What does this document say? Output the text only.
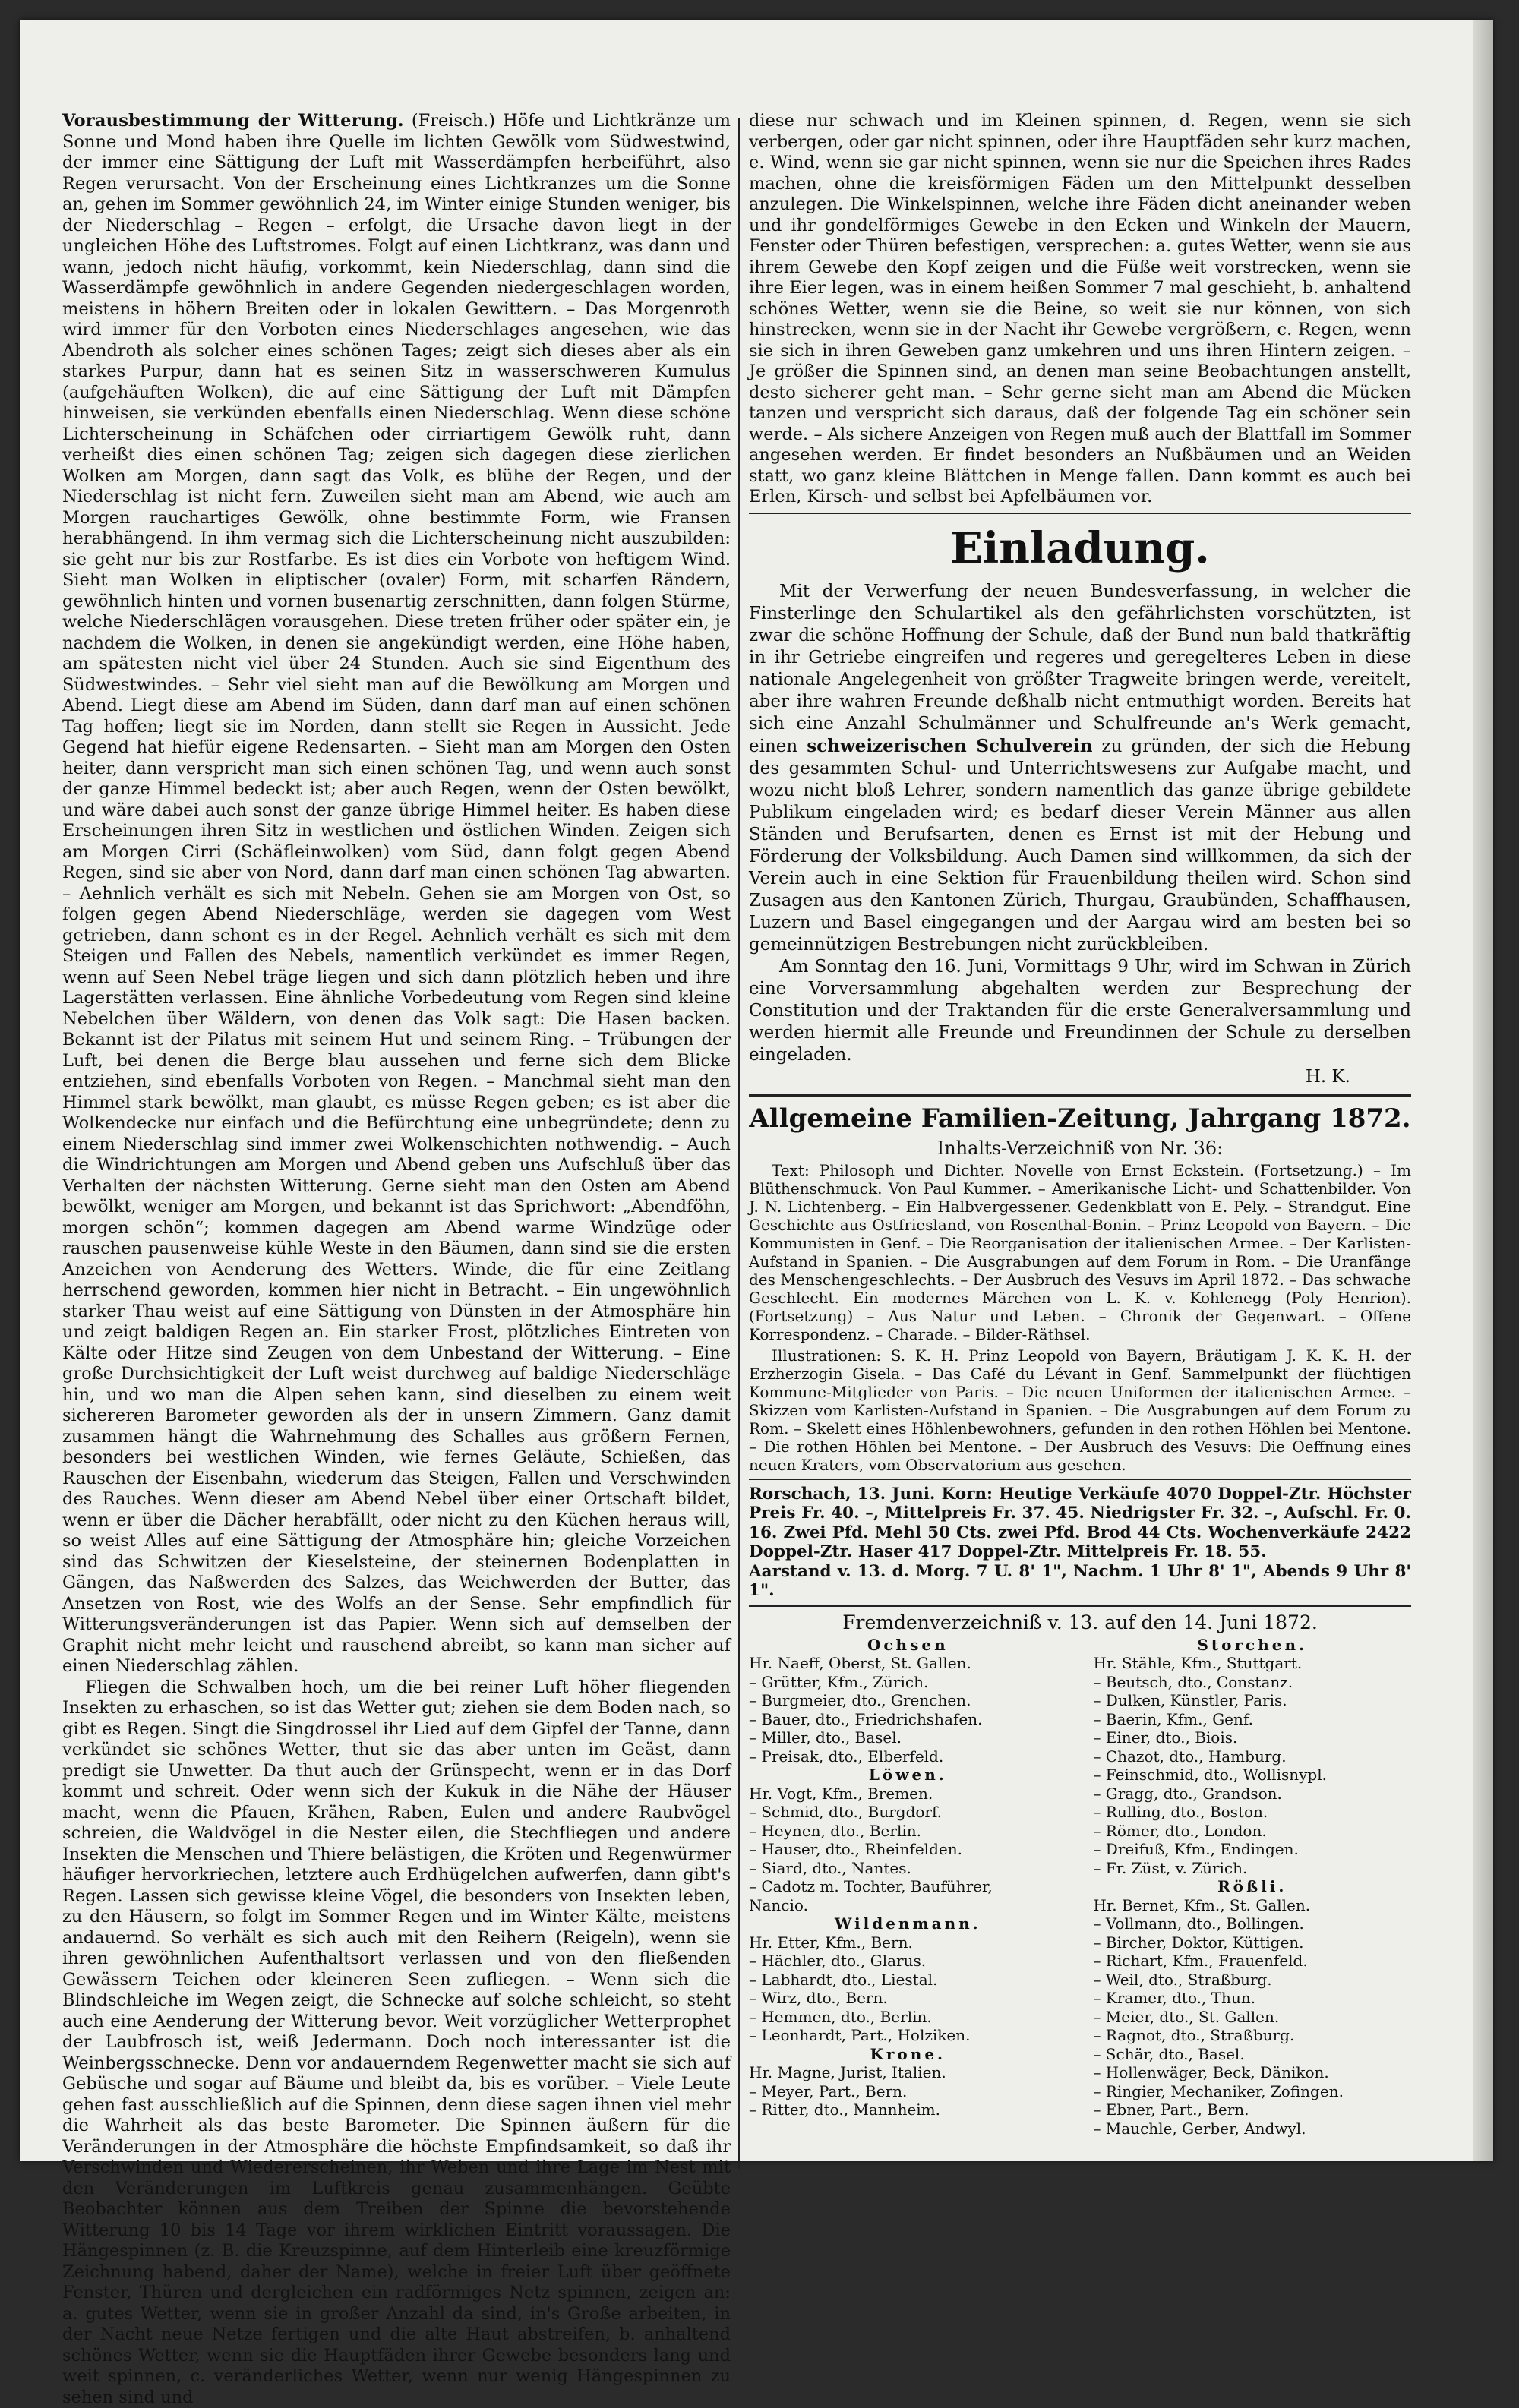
Vorausbestimmung der Witterung. (Freisch.) Höfe und Lichtkränze um Sonne und Mond haben ihre Quelle im lichten Gewölk vom Südwestwind, der immer eine Sättigung der Luft mit Wasserdämpfen herbeiführt, also Regen verursacht. Von der Erscheinung eines Lichtkranzes um die Sonne an, gehen im Sommer gewöhnlich 24, im Winter einige Stunden weniger, bis der Niederschlag – Regen – erfolgt, die Ursache davon liegt in der ungleichen Höhe des Luftstromes. Folgt auf einen Lichtkranz, was dann und wann, jedoch nicht häufig, vorkommt, kein Niederschlag, dann sind die Wasserdämpfe gewöhnlich in andere Gegenden niedergeschlagen worden, meistens in höhern Breiten oder in lokalen Gewittern. – Das Morgenroth wird immer für den Vorboten eines Niederschlages angesehen, wie das Abendroth als solcher eines schönen Tages; zeigt sich dieses aber als ein starkes Purpur, dann hat es seinen Sitz in wasserschweren Kumulus (aufgehäuften Wolken), die auf eine Sättigung der Luft mit Dämpfen hinweisen, sie verkünden ebenfalls einen Niederschlag. Wenn diese schöne Lichterscheinung in Schäfchen oder cirriartigem Gewölk ruht, dann verheißt dies einen schönen Tag; zeigen sich dagegen diese zierlichen Wolken am Morgen, dann sagt das Volk, es blühe der Regen, und der Niederschlag ist nicht fern. Zuweilen sieht man am Abend, wie auch am Morgen rauchartiges Gewölk, ohne bestimmte Form, wie Fransen herabhängend. In ihm vermag sich die Lichterscheinung nicht auszubilden: sie geht nur bis zur Rostfarbe. Es ist dies ein Vorbote von heftigem Wind. Sieht man Wolken in eliptischer (ovaler) Form, mit scharfen Rändern, gewöhnlich hinten und vornen busenartig zerschnitten, dann folgen Stürme, welche Niederschlägen vorausgehen. Diese treten früher oder später ein, je nachdem die Wolken, in denen sie angekündigt werden, eine Höhe haben, am spätesten nicht viel über 24 Stunden. Auch sie sind Eigenthum des Südwestwindes. – Sehr viel sieht man auf die Bewölkung am Morgen und Abend. Liegt diese am Abend im Süden, dann darf man auf einen schönen Tag hoffen; liegt sie im Norden, dann stellt sie Regen in Aussicht. Jede Gegend hat hiefür eigene Redensarten. – Sieht man am Morgen den Osten heiter, dann verspricht man sich einen schönen Tag, und wenn auch sonst der ganze Himmel bedeckt ist; aber auch Regen, wenn der Osten bewölkt, und wäre dabei auch sonst der ganze übrige Himmel heiter. Es haben diese Erscheinungen ihren Sitz in westlichen und östlichen Winden. Zeigen sich am Morgen Cirri (Schäfleinwolken) vom Süd, dann folgt gegen Abend Regen, sind sie aber von Nord, dann darf man einen schönen Tag abwarten. – Aehnlich verhält es sich mit Nebeln. Gehen sie am Morgen von Ost, so folgen gegen Abend Niederschläge, werden sie dagegen vom West getrieben, dann schont es in der Regel. Aehnlich verhält es sich mit dem Steigen und Fallen des Nebels, namentlich verkündet es immer Regen, wenn auf Seen Nebel träge liegen und sich dann plötzlich heben und ihre Lagerstätten verlassen. Eine ähnliche Vorbedeutung vom Regen sind kleine Nebelchen über Wäldern, von denen das Volk sagt: Die Hasen backen. Bekannt ist der Pilatus mit seinem Hut und seinem Ring. – Trübungen der Luft, bei denen die Berge blau aussehen und ferne sich dem Blicke entziehen, sind ebenfalls Vorboten von Regen. – Manchmal sieht man den Himmel stark bewölkt, man glaubt, es müsse Regen geben; es ist aber die Wolkendecke nur einfach und die Befürchtung eine unbegründete; denn zu einem Niederschlag sind immer zwei Wolkenschichten nothwendig. – Auch die Windrichtungen am Morgen und Abend geben uns Aufschluß über das Verhalten der nächsten Witterung. Gerne sieht man den Osten am Abend bewölkt, weniger am Morgen, und bekannt ist das Sprichwort: „Abendföhn, morgen schön“; kommen dagegen am Abend warme Windzüge oder rauschen pausenweise kühle Weste in den Bäumen, dann sind sie die ersten Anzeichen von Aenderung des Wetters. Winde, die für eine Zeitlang herrschend geworden, kommen hier nicht in Betracht. – Ein ungewöhnlich starker Thau weist auf eine Sättigung von Dünsten in der Atmosphäre hin und zeigt baldigen Regen an. Ein starker Frost, plötzliches Eintreten von Kälte oder Hitze sind Zeugen von dem Unbestand der Witterung. – Eine große Durchsichtigkeit der Luft weist durchweg auf baldige Niederschläge hin, und wo man die Alpen sehen kann, sind dieselben zu einem weit sichereren Barometer geworden als der in unsern Zimmern. Ganz damit zusammen hängt die Wahrnehmung des Schalles aus größern Fernen, besonders bei westlichen Winden, wie fernes Geläute, Schießen, das Rauschen der Eisenbahn, wiederum das Steigen, Fallen und Verschwinden des Rauches. Wenn dieser am Abend Nebel über einer Ortschaft bildet, wenn er über die Dächer herabfällt, oder nicht zu den Küchen heraus will, so weist Alles auf eine Sättigung der Atmosphäre hin; gleiche Vorzeichen sind das Schwitzen der Kieselsteine, der steinernen Bodenplatten in Gängen, das Naßwerden des Salzes, das Weichwerden der Butter, das Ansetzen von Rost, wie des Wolfs an der Sense. Sehr empfindlich für Witterungsveränderungen ist das Papier. Wenn sich auf demselben der Graphit nicht mehr leicht und rauschend abreibt, so kann man sicher auf einen Niederschlag zählen.

Fliegen die Schwalben hoch, um die bei reiner Luft höher fliegenden Insekten zu erhaschen, so ist das Wetter gut; ziehen sie dem Boden nach, so gibt es Regen. Singt die Singdrossel ihr Lied auf dem Gipfel der Tanne, dann verkündet sie schönes Wetter, thut sie das aber unten im Geäst, dann predigt sie Unwetter. Da thut auch der Grünspecht, wenn er in das Dorf kommt und schreit. Oder wenn sich der Kukuk in die Nähe der Häuser macht, wenn die Pfauen, Krähen, Raben, Eulen und andere Raubvögel schreien, die Waldvögel in die Nester eilen, die Stechfliegen und andere Insekten die Menschen und Thiere belästigen, die Kröten und Regenwürmer häufiger hervorkriechen, letztere auch Erdhügelchen aufwerfen, dann gibt's Regen. Lassen sich gewisse kleine Vögel, die besonders von Insekten leben, zu den Häusern, so folgt im Sommer Regen und im Winter Kälte, meistens andauernd. So verhält es sich auch mit den Reihern (Reigeln), wenn sie ihren gewöhnlichen Aufenthaltsort verlassen und von den fließenden Gewässern Teichen oder kleineren Seen zufliegen. – Wenn sich die Blindschleiche im Wegen zeigt, die Schnecke auf solche schleicht, so steht auch eine Aenderung der Witterung bevor. Weit vorzüglicher Wetterprophet der Laubfrosch ist, weiß Jedermann. Doch noch interessanter ist die Weinbergsschnecke. Denn vor andauerndem Regenwetter macht sie sich auf Gebüsche und sogar auf Bäume und bleibt da, bis es vorüber. – Viele Leute gehen fast ausschließlich auf die Spinnen, denn diese sagen ihnen viel mehr die Wahrheit als das beste Barometer. Die Spinnen äußern für die Veränderungen in der Atmosphäre die höchste Empfindsamkeit, so daß ihr Verschwinden und Wiedererscheinen, ihr Weben und ihre Lage im Nest mit den Veränderungen im Luftkreis genau zusammenhängen. Geübte Beobachter können aus dem Treiben der Spinne die bevorstehende Witterung 10 bis 14 Tage vor ihrem wirklichen Eintritt voraussagen. Die Hängespinnen (z. B. die Kreuzspinne, auf dem Hinterleib eine kreuzförmige Zeichnung habend, daher der Name), welche in freier Luft über geöffnete Fenster, Thüren und dergleichen ein radförmiges Netz spinnen, zeigen an: a. gutes Wetter, wenn sie in großer Anzahl da sind, in's Große arbeiten, in der Nacht neue Netze fertigen und die alte Haut abstreifen, b. anhaltend schönes Wetter, wenn sie die Hauptfäden ihrer Gewebe besonders lang und weit spinnen, c. veränderliches Wetter, wenn nur wenig Hängespinnen zu sehen sind und

diese nur schwach und im Kleinen spinnen, d. Regen, wenn sie sich verbergen, oder gar nicht spinnen, oder ihre Hauptfäden sehr kurz machen, e. Wind, wenn sie gar nicht spinnen, wenn sie nur die Speichen ihres Rades machen, ohne die kreisförmigen Fäden um den Mittelpunkt desselben anzulegen. Die Winkelspinnen, welche ihre Fäden dicht aneinander weben und ihr gondelförmiges Gewebe in den Ecken und Winkeln der Mauern, Fenster oder Thüren befestigen, versprechen: a. gutes Wetter, wenn sie aus ihrem Gewebe den Kopf zeigen und die Füße weit vorstrecken, wenn sie ihre Eier legen, was in einem heißen Sommer 7 mal geschieht, b. anhaltend schönes Wetter, wenn sie die Beine, so weit sie nur können, von sich hinstrecken, wenn sie in der Nacht ihr Gewebe vergrößern, c. Regen, wenn sie sich in ihren Geweben ganz umkehren und uns ihren Hintern zeigen. – Je größer die Spinnen sind, an denen man seine Beobachtungen anstellt, desto sicherer geht man. – Sehr gerne sieht man am Abend die Mücken tanzen und verspricht sich daraus, daß der folgende Tag ein schöner sein werde. – Als sichere Anzeigen von Regen muß auch der Blattfall im Sommer angesehen werden. Er findet besonders an Nußbäumen und an Weiden statt, wo ganz kleine Blättchen in Menge fallen. Dann kommt es auch bei Erlen, Kirsch- und selbst bei Apfelbäumen vor.

Einladung.

Mit der Verwerfung der neuen Bundesverfassung, in welcher die Finsterlinge den Schulartikel als den gefährlichsten vorschützten, ist zwar die schöne Hoffnung der Schule, daß der Bund nun bald thatkräftig in ihr Getriebe eingreifen und regeres und geregelteres Leben in diese nationale Angelegenheit von größter Tragweite bringen werde, vereitelt, aber ihre wahren Freunde deßhalb nicht entmuthigt worden. Bereits hat sich eine Anzahl Schulmänner und Schulfreunde an's Werk gemacht, einen schweizerischen Schulverein zu gründen, der sich die Hebung des gesammten Schul- und Unterrichtswesens zur Aufgabe macht, und wozu nicht bloß Lehrer, sondern namentlich das ganze übrige gebildete Publikum eingeladen wird; es bedarf dieser Verein Männer aus allen Ständen und Berufsarten, denen es Ernst ist mit der Hebung und Förderung der Volksbildung. Auch Damen sind willkommen, da sich der Verein auch in eine Sektion für Frauenbildung theilen wird. Schon sind Zusagen aus den Kantonen Zürich, Thurgau, Graubünden, Schaffhausen, Luzern und Basel eingegangen und der Aargau wird am besten bei so gemeinnützigen Bestrebungen nicht zurückbleiben.

Am Sonntag den 16. Juni, Vormittags 9 Uhr, wird im Schwan in Zürich eine Vorversammlung abgehalten werden zur Besprechung der Constitution und der Traktanden für die erste Generalversammlung und werden hiermit alle Freunde und Freundinnen der Schule zu derselben eingeladen.

H. K.

Allgemeine Familien-Zeitung, Jahrgang 1872.
Inhalts-Verzeichniß von Nr. 36:

Text: Philosoph und Dichter. Novelle von Ernst Eckstein. (Fortsetzung.) – Im Blüthenschmuck. Von Paul Kummer. – Amerikanische Licht- und Schattenbilder. Von J. N. Lichtenberg. – Ein Halbvergessener. Gedenkblatt von E. Pely. – Strandgut. Eine Geschichte aus Ostfriesland, von Rosenthal-Bonin. – Prinz Leopold von Bayern. – Die Kommunisten in Genf. – Die Reorganisation der italienischen Armee. – Der Karlisten-Aufstand in Spanien. – Die Ausgrabungen auf dem Forum in Rom. – Die Uranfänge des Menschengeschlechts. – Der Ausbruch des Vesuvs im April 1872. – Das schwache Geschlecht. Ein modernes Märchen von L. K. v. Kohlenegg (Poly Henrion). (Fortsetzung) – Aus Natur und Leben. – Chronik der Gegenwart. – Offene Korrespondenz. – Charade. – Bilder-Räthsel.

Illustrationen: S. K. H. Prinz Leopold von Bayern, Bräutigam J. K. K. H. der Erzherzogin Gisela. – Das Café du Lévant in Genf. Sammelpunkt der flüchtigen Kommune-Mitglieder von Paris. – Die neuen Uniformen der italienischen Armee. – Skizzen vom Karlisten-Aufstand in Spanien. – Die Ausgrabungen auf dem Forum zu Rom. – Skelett eines Höhlenbewohners, gefunden in den rothen Höhlen bei Mentone. – Die rothen Höhlen bei Mentone. – Der Ausbruch des Vesuvs: Die Oeffnung eines neuen Kraters, vom Observatorium aus gesehen.

Rorschach, 13. Juni. Korn: Heutige Verkäufe 4070 Doppel-Ztr. Höchster Preis Fr. 40. –, Mittelpreis Fr. 37. 45. Niedrigster Fr. 32. –, Aufschl. Fr. 0. 16. Zwei Pfd. Mehl 50 Cts. zwei Pfd. Brod 44 Cts. Wochenverkäufe 2422 Doppel-Ztr. Haser 417 Doppel-Ztr. Mittelpreis Fr. 18. 55.

Aarstand v. 13. d. Morg. 7 U. 8' 1", Nachm. 1 Uhr 8' 1", Abends 9 Uhr 8' 1".

Fremdenverzeichniß v. 13. auf den 14. Juni 1872.
Ochsen
Hr. Naeff, Oberst, St. Gallen.
– Grütter, Kfm., Zürich.
– Burgmeier, dto., Grenchen.
– Bauer, dto., Friedrichshafen.
– Miller, dto., Basel.
– Preisak, dto., Elberfeld.
Löwen.
Hr. Vogt, Kfm., Bremen.
– Schmid, dto., Burgdorf.
– Heynen, dto., Berlin.
– Hauser, dto., Rheinfelden.
– Siard, dto., Nantes.
– Cadotz m. Tochter, Bauführer,
Nancio.
Wildenmann.
Hr. Etter, Kfm., Bern.
– Hächler, dto., Glarus.
– Labhardt, dto., Liestal.
– Wirz, dto., Bern.
– Hemmen, dto., Berlin.
– Leonhardt, Part., Holziken.
Krone.
Hr. Magne, Jurist, Italien.
– Meyer, Part., Bern.
– Ritter, dto., Mannheim.
Storchen.
Hr. Stähle, Kfm., Stuttgart.
– Beutsch, dto., Constanz.
– Dulken, Künstler, Paris.
– Baerin, Kfm., Genf.
– Einer, dto., Biois.
– Chazot, dto., Hamburg.
– Feinschmid, dto., Wollisnypl.
– Gragg, dto., Grandson.
– Rulling, dto., Boston.
– Römer, dto., London.
– Dreifuß, Kfm., Endingen.
– Fr. Züst, v. Zürich.
Rößli.
Hr. Bernet, Kfm., St. Gallen.
– Vollmann, dto., Bollingen.
– Bircher, Doktor, Küttigen.
– Richart, Kfm., Frauenfeld.
– Weil, dto., Straßburg.
– Kramer, dto., Thun.
– Meier, dto., St. Gallen.
– Ragnot, dto., Straßburg.
– Schär, dto., Basel.
– Hollenwäger, Beck, Dänikon.
– Ringier, Mechaniker, Zofingen.
– Ebner, Part., Bern.
– Mauchle, Gerber, Andwyl.
